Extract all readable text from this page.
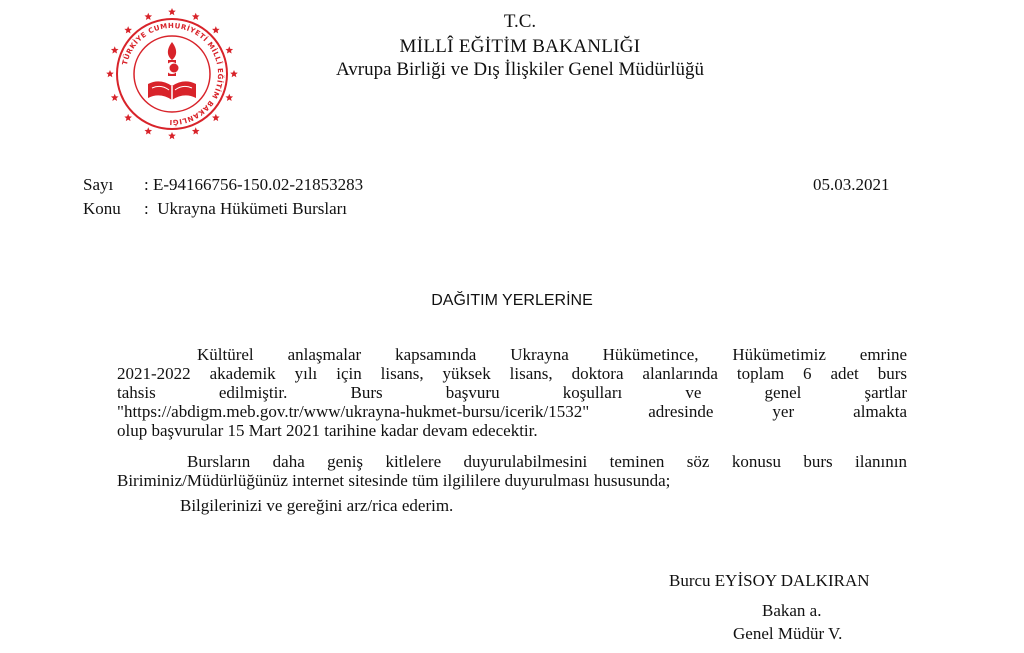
TÜRKİYE CUMHURİYETİ MİLLÎ EĞİTİM BAKANLIĞI
T.C.
MİLLÎ EĞİTİM BAKANLIĞI
Avrupa Birliği ve Dış İlişkiler Genel Müdürlüğü
Sayı : E-94166756-150.02-21853283	05.03.2021
Konu :  Ukrayna Hükümeti Bursları
DAĞITIM YERLERİNE
Kültürel anlaşmalar kapsamında Ukrayna Hükümetince, Hükümetimiz emrine
2021-2022 akademik yılı için lisans, yüksek lisans, doktora alanlarında toplam 6 adet burs
tahsis edilmiştir. Burs başvuru koşulları ve genel şartlar
"https://abdigm.meb.gov.tr/www/ukrayna-hukmet-bursu/icerik/1532" adresinde yer almakta
olup başvurular 15 Mart 2021 tarihine kadar devam edecektir.
Bursların daha geniş kitlelere duyurulabilmesini teminen söz konusu burs ilanının
Biriminiz/Müdürlüğünüz internet sitesinde tüm ilgililere duyurulması hususunda;
Bilgilerinizi ve gereğini arz/rica ederim.
Burcu EYİSOY DALKIRAN
Bakan a.
Genel Müdür V.
